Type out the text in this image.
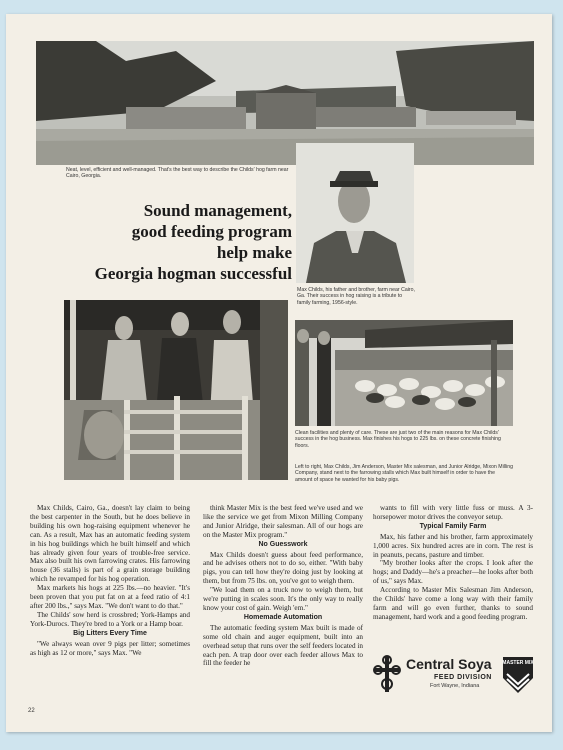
Neat, level, efficient and well-managed. That's the best way to describe the Childs' hog farm near Cairo, Georgia.
Max Childs, his father and brother, farm near Cairo, Ga. Their success in hog raising is a tribute to family farming, 1956-style.
Sound management,
good feeding program
help make
Georgia hogman successful
Clean facilities and plenty of care. These are just two of the main reasons for Max Childs' success in the hog business. Max finishes his hogs to 225 lbs. on these concrete finishing floors.
Left to right, Max Childs, Jim Anderson, Master Mix salesman, and Junior Alridge, Mixon Milling Company, stand next to the farrowing stalls which Max built himself in order to have the amount of space he wanted for his baby pigs.

Max Childs, Cairo, Ga., doesn't lay claim to being the best carpenter in the South, but he does believe in building his own hog-raising equipment whenever he can. As a result, Max has an automatic feeding system in his hog buildings which he built himself and which has already given four years of trouble-free service. Max also built his own farrowing crates. His farrowing house (36 stalls) is part of a grain storage building which he revamped for his hog operation.

Max markets his hogs at 225 lbs.—no heavier. "It's been proven that you put fat on at a feed ratio of 4:1 after 200 lbs.," says Max. "We don't want to do that."

The Childs' sow herd is crossbred; York-Hamps and York-Durocs. They're bred to a York or a Hamp boar.

Big Litters Every Time

"We always wean over 9 pigs per litter; sometimes as high as 12 or more," says Max. "We

think Master Mix is the best feed we've used and we like the service we get from Mixon Milling Company and Junior Alridge, their salesman. All of our hogs are on the Master Mix program."

No Guesswork

Max Childs doesn't guess about feed performance, and he advises others not to do so, either. "With baby pigs, you can tell how they're doing just by looking at them, but from 75 lbs. on, you've got to weigh them.

"We load them on a truck now to weigh them, but we're putting in scales soon. It's the only way to really know your cost of gain. Weigh 'em."

Homemade Automation

The automatic feeding system Max built is made of some old chain and auger equipment, built into an overhead setup that runs over the self feeders located in each pen. A trap door over each feeder allows Max to fill the feeder he

wants to fill with very little fuss or muss. A 3-horsepower motor drives the conveyor setup.

Typical Family Farm

Max, his father and his brother, farm approximately 1,000 acres. Six hundred acres are in corn. The rest is in peanuts, pecans, pasture and timber.

"My brother looks after the crops. I look after the hogs; and Daddy—he's a preacher—he looks after both of us," says Max.

According to Master Mix Salesman Jim Anderson, the Childs' have come a long way with their family farm and will go even further, thanks to sound management, hard work and a good feeding program.

Central Soya
FEED DIVISION
Fort Wayne, Indiana
MASTER MIX
22
